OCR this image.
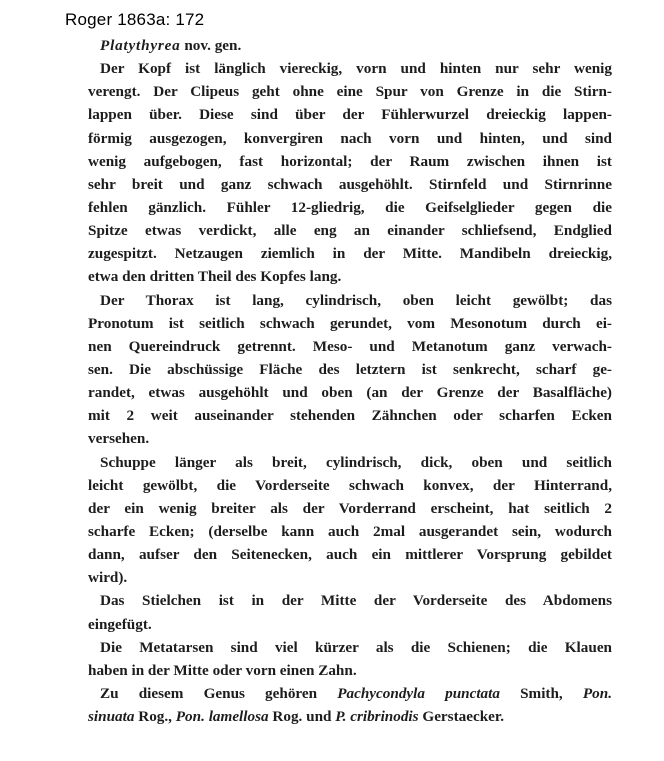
Roger 1863a: 172
Platythyrea nov. gen.
Der Kopf ist länglich viereckig, vorn und hinten nur sehr wenig
verengt. Der Clipeus geht ohne eine Spur von Grenze in die Stirn-
lappen über. Diese sind über der Fühlerwurzel dreieckig lappen-
förmig ausgezogen, konvergiren nach vorn und hinten, und sind
wenig aufgebogen, fast horizontal; der Raum zwischen ihnen ist
sehr breit und ganz schwach ausgehöhlt. Stirnfeld und Stirnrinne
fehlen gänzlich. Fühler 12-gliedrig, die Geifselglieder gegen die
Spitze etwas verdickt, alle eng an einander schliefsend, Endglied
zugespitzt. Netzaugen ziemlich in der Mitte. Mandibeln dreieckig,
etwa den dritten Theil des Kopfes lang.
Der Thorax ist lang, cylindrisch, oben leicht gewölbt; das
Pronotum ist seitlich schwach gerundet, vom Mesonotum durch ei-
nen Quereindruck getrennt. Meso- und Metanotum ganz verwach-
sen. Die abschüssige Fläche des letztern ist senkrecht, scharf ge-
randet, etwas ausgehöhlt und oben (an der Grenze der Basalfläche)
mit 2 weit auseinander stehenden Zähnchen oder scharfen Ecken
versehen.
Schuppe länger als breit, cylindrisch, dick, oben und seitlich
leicht gewölbt, die Vorderseite schwach konvex, der Hinterrand,
der ein wenig breiter als der Vorderrand erscheint, hat seitlich 2
scharfe Ecken; (derselbe kann auch 2mal ausgerandet sein, wodurch
dann, aufser den Seitenecken, auch ein mittlerer Vorsprung gebildet
wird).
Das Stielchen ist in der Mitte der Vorderseite des Abdomens
eingefügt.
Die Metatarsen sind viel kürzer als die Schienen; die Klauen
haben in der Mitte oder vorn einen Zahn.
Zu diesem Genus gehören Pachycondyla punctata Smith, Pon.
sinuata Rog., Pon. lamellosa Rog. und P. cribrinodis Gerstaecker.
